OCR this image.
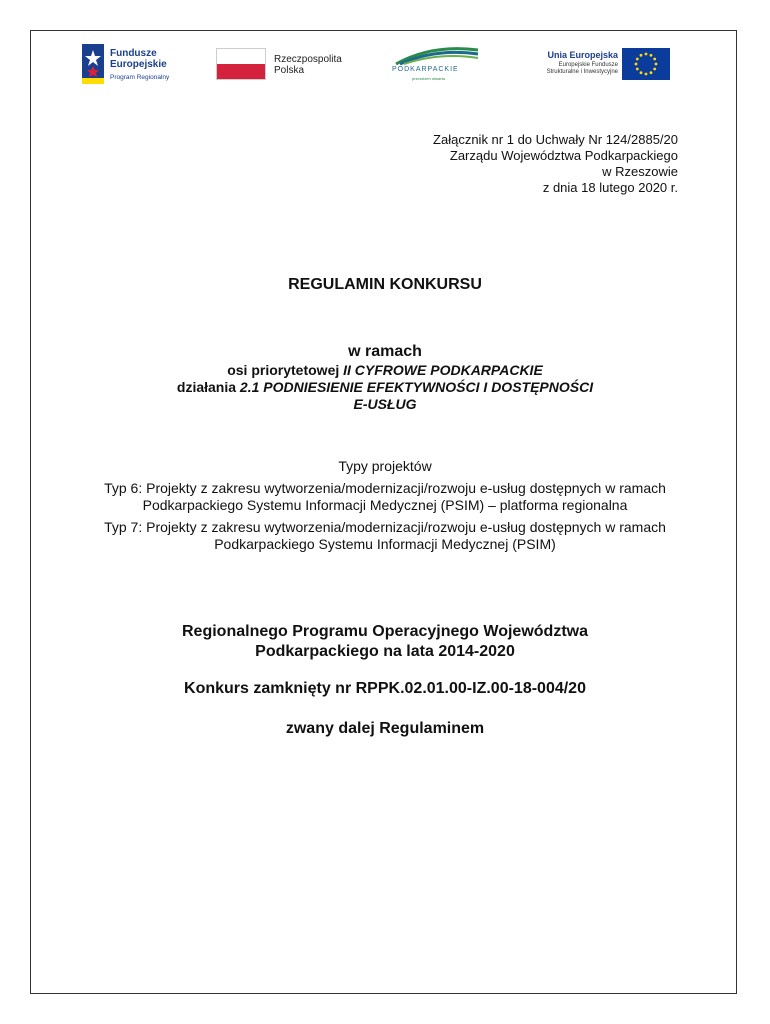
Fundusze
Europejskie
Program Regionalny
Rzeczpospolita
Polska	PODKARPACKIE
przestrzeń otwarta
Unia Europejska
Europejskie Fundusze
Strukturalne i Inwestycyjne
Załącznik nr 1 do Uchwały Nr 124/2885/20
Zarządu Województwa Podkarpackiego
w Rzeszowie
z dnia 18 lutego 2020 r.
REGULAMIN KONKURSU
w ramach
osi priorytetowej II CYFROWE PODKARPACKIE
działania 2.1 PODNIESIENIE EFEKTYWNOŚCI I DOSTĘPNOŚCI
E-USŁUG

Typy projektów

Typ 6: Projekty z zakresu wytworzenia/modernizacji/rozwoju e-usług dostępnych w ramach Podkarpackiego Systemu Informacji Medycznej (PSIM) – platforma regionalna

Typ 7: Projekty z zakresu wytworzenia/modernizacji/rozwoju e-usług dostępnych w ramach Podkarpackiego Systemu Informacji Medycznej (PSIM)

Regionalnego Programu Operacyjnego Województwa
Podkarpackiego na lata 2014-2020
Konkurs zamknięty nr RPPK.02.01.00-IZ.00-18-004/20
zwany dalej Regulaminem
